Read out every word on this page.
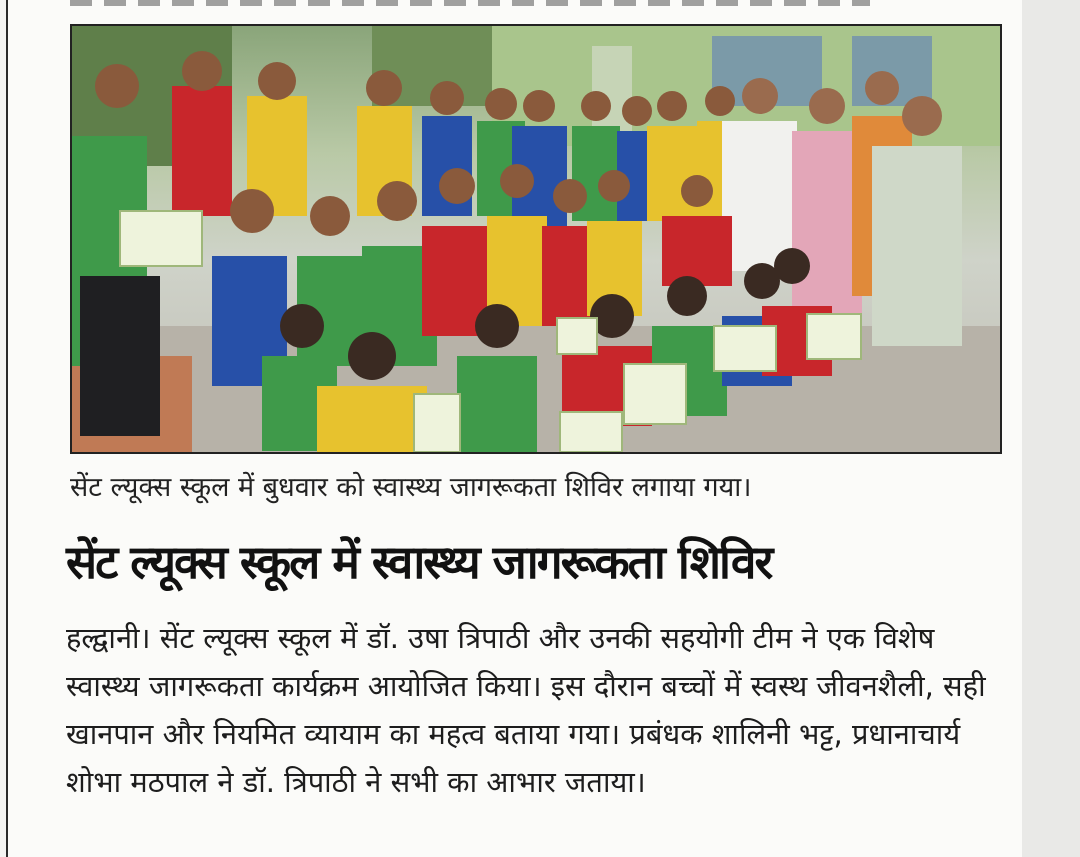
सेंट ल्यूक्स स्कूल में बुधवार को स्वास्थ्य जागरूकता शिविर लगाया गया।
सेंट ल्यूक्स स्कूल में स्वास्थ्य जागरूकता शिविर
हल्द्वानी। सेंट ल्यूक्स स्कूल में डॉ. उषा त्रिपाठी और उनकी सहयोगी टीम ने एक विशेष स्वास्थ्य जागरूकता कार्यक्रम आयोजित किया। इस दौरान बच्चों में स्वस्थ जीवनशैली, सही खानपान और नियमित व्यायाम का महत्व बताया गया। प्रबंधक शालिनी भट्ट, प्रधानाचार्य शोभा मठपाल ने डॉ. त्रिपाठी ने सभी का आभार जताया।
